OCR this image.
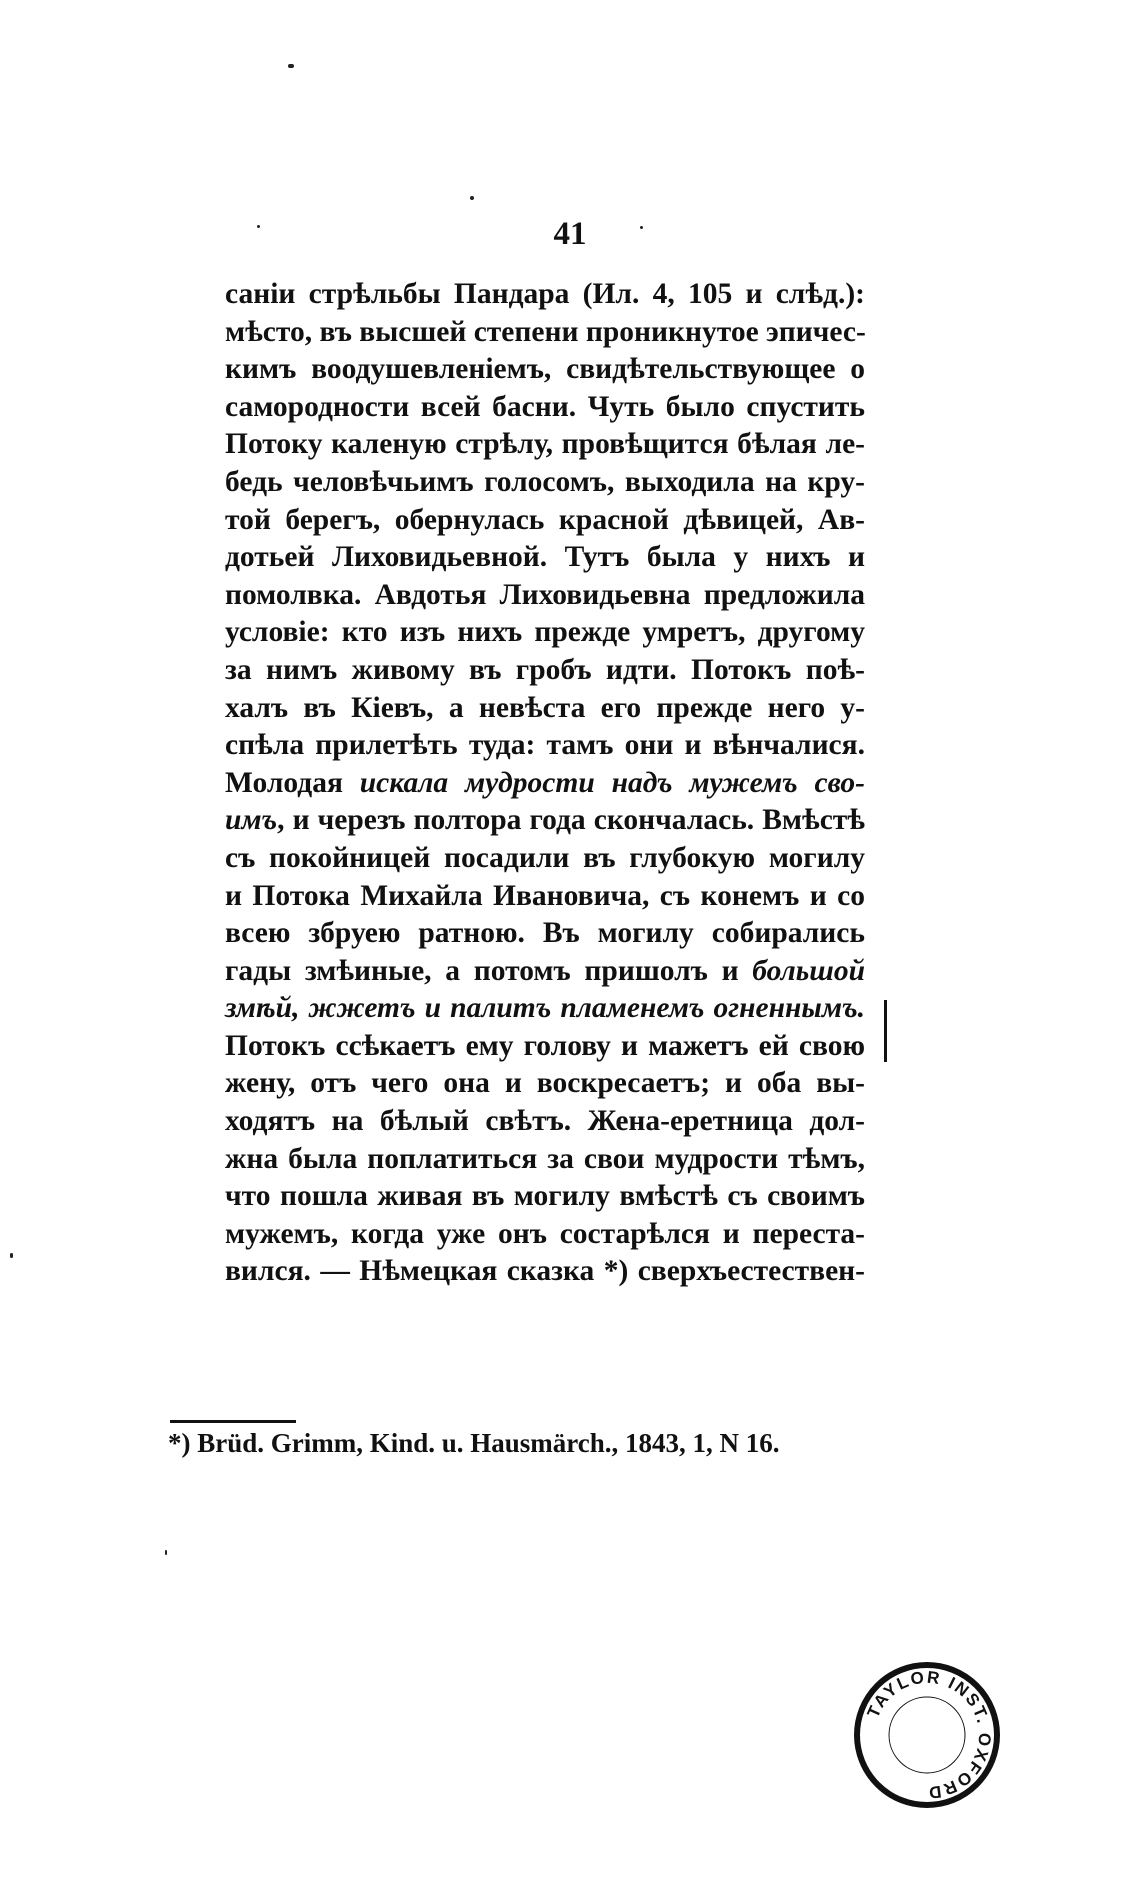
41
саніи стрѣльбы Пандара (Ил. 4, 105 и слѣд.):
мѣсто, въ высшей степени проникнутое эпичес-
кимъ воодушевленіемъ, свидѣтельствующее о
самородности всей басни. Чуть было спустить
Потоку каленую стрѣлу, провѣщится бѣлая ле-
бедь человѣчьимъ голосомъ, выходила на кру-
той берегъ, обернулась красной дѣвицей, Ав-
дотьей Лиховидьевной. Тутъ была у нихъ и
помолвка. Авдотья Лиховидьевна предложила
условіе: кто изъ нихъ прежде умретъ, другому
за нимъ живому въ гробъ идти. Потокъ поѣ-
халъ въ Кіевъ, а невѣста его прежде него у-
спѣла прилетѣть туда: тамъ они и вѣнчалися.
Молодая искала мудрости надъ мужемъ сво-
имъ, и черезъ полтора года скончалась. Вмѣстѣ
съ покойницей посадили въ глубокую могилу
и Потока Михайла Ивановича, съ конемъ и со
всею збруею ратною. Въ могилу собирались
гады змѣиные, а потомъ пришолъ и большой
змѣй, жжетъ и палитъ пламенемъ огненнымъ.
Потокъ ссѣкаетъ ему голову и мажетъ ей свою
жену, отъ чего она и воскресаетъ; и оба вы-
ходятъ на бѣлый свѣтъ. Жена-еретница дол-
жна была поплатиться за свои мудрости тѣмъ,
что пошла живая въ могилу вмѣстѣ съ своимъ
мужемъ, когда уже онъ состарѣлся и переста-
вился. — Нѣмецкая сказка *) сверхъестествен-
*) Brüd. Grimm, Kind. u. Hausmärch., 1843, 1, N 16.
TAYLOR INST. OXFORD
